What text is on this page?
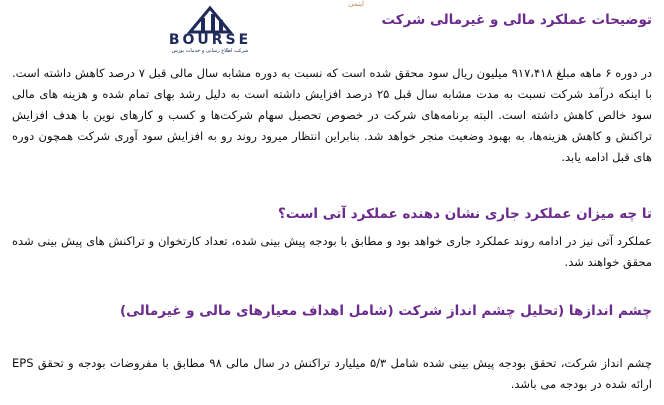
ایتمی
BOURSE
شرکت اطلاع رسانی و خدمات بورس
توضیحات عملکرد مالی و غیرمالی شرکت

در دوره ۶ ماهه مبلغ ۹۱۷،۴۱۸ میلیون ریال سود محقق شده است که نسبت به دوره مشابه سال مالی قبل ۷ درصد کاهش داشته است. با اینکه درآمد شرکت نسبت به مدت مشابه سال قبل ۲۵ درصد افزایش داشته است به دلیل رشد بهای تمام شده و هزینه های مالی سود خالص کاهش داشته است. البته برنامه‌های شرکت در خصوص تحصیل سهام شرکت‌ها و کسب و کارهای نوین با هدف افزایش تراکنش و کاهش هزینه‌ها، به بهبود وضعیت منجر خواهد شد. بنابراین انتظار میرود روند رو به افزایش سود آوری شرکت همچون دوره های قبل ادامه یابد.

تا چه میزان عملکرد جاری نشان دهنده عملکرد آتی است؟

عملکرد آتی نیز در ادامه روند عملکرد جاری خواهد بود و مطابق با بودجه پیش بینی شده، تعداد کارتخوان و تراکنش های پیش بینی شده محقق خواهند شد.

چشم اندازها (تحلیل چشم انداز شرکت (شامل اهداف معیارهای مالی و غیرمالی)

چشم انداز شرکت، تحقق بودجه پیش بینی شده شامل ۵/۳ میلیارد تراکنش در سال مالی ۹۸ مطابق با مفروضات بودجه و تحقق EPS ارائه شده در بودجه می باشد.
